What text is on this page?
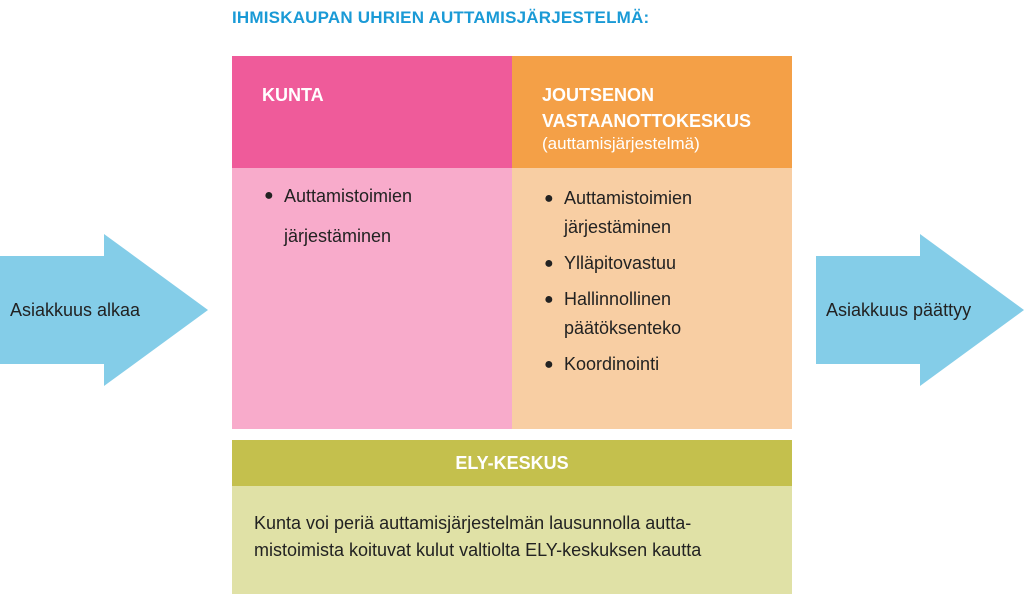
IHMISKAUPAN UHRIEN AUTTAMISJÄRJESTELMÄ:
Asiakkuus alkaa	Asiakkuus päättyy
KUNTA
● Auttamistoimien
järjestäminen
JOUTSENON
VASTAANOTTOKESKUS
(auttamisjärjestelmä)
● Auttamistoimien
järjestäminen
● Ylläpitovastuu
● Hallinnollinen
päätöksenteko
● Koordinointi
ELY-KESKUS
Kunta voi periä auttamisjärjestelmän lausunnolla autta-
mistoimista koituvat kulut valtiolta ELY-keskuksen kautta
